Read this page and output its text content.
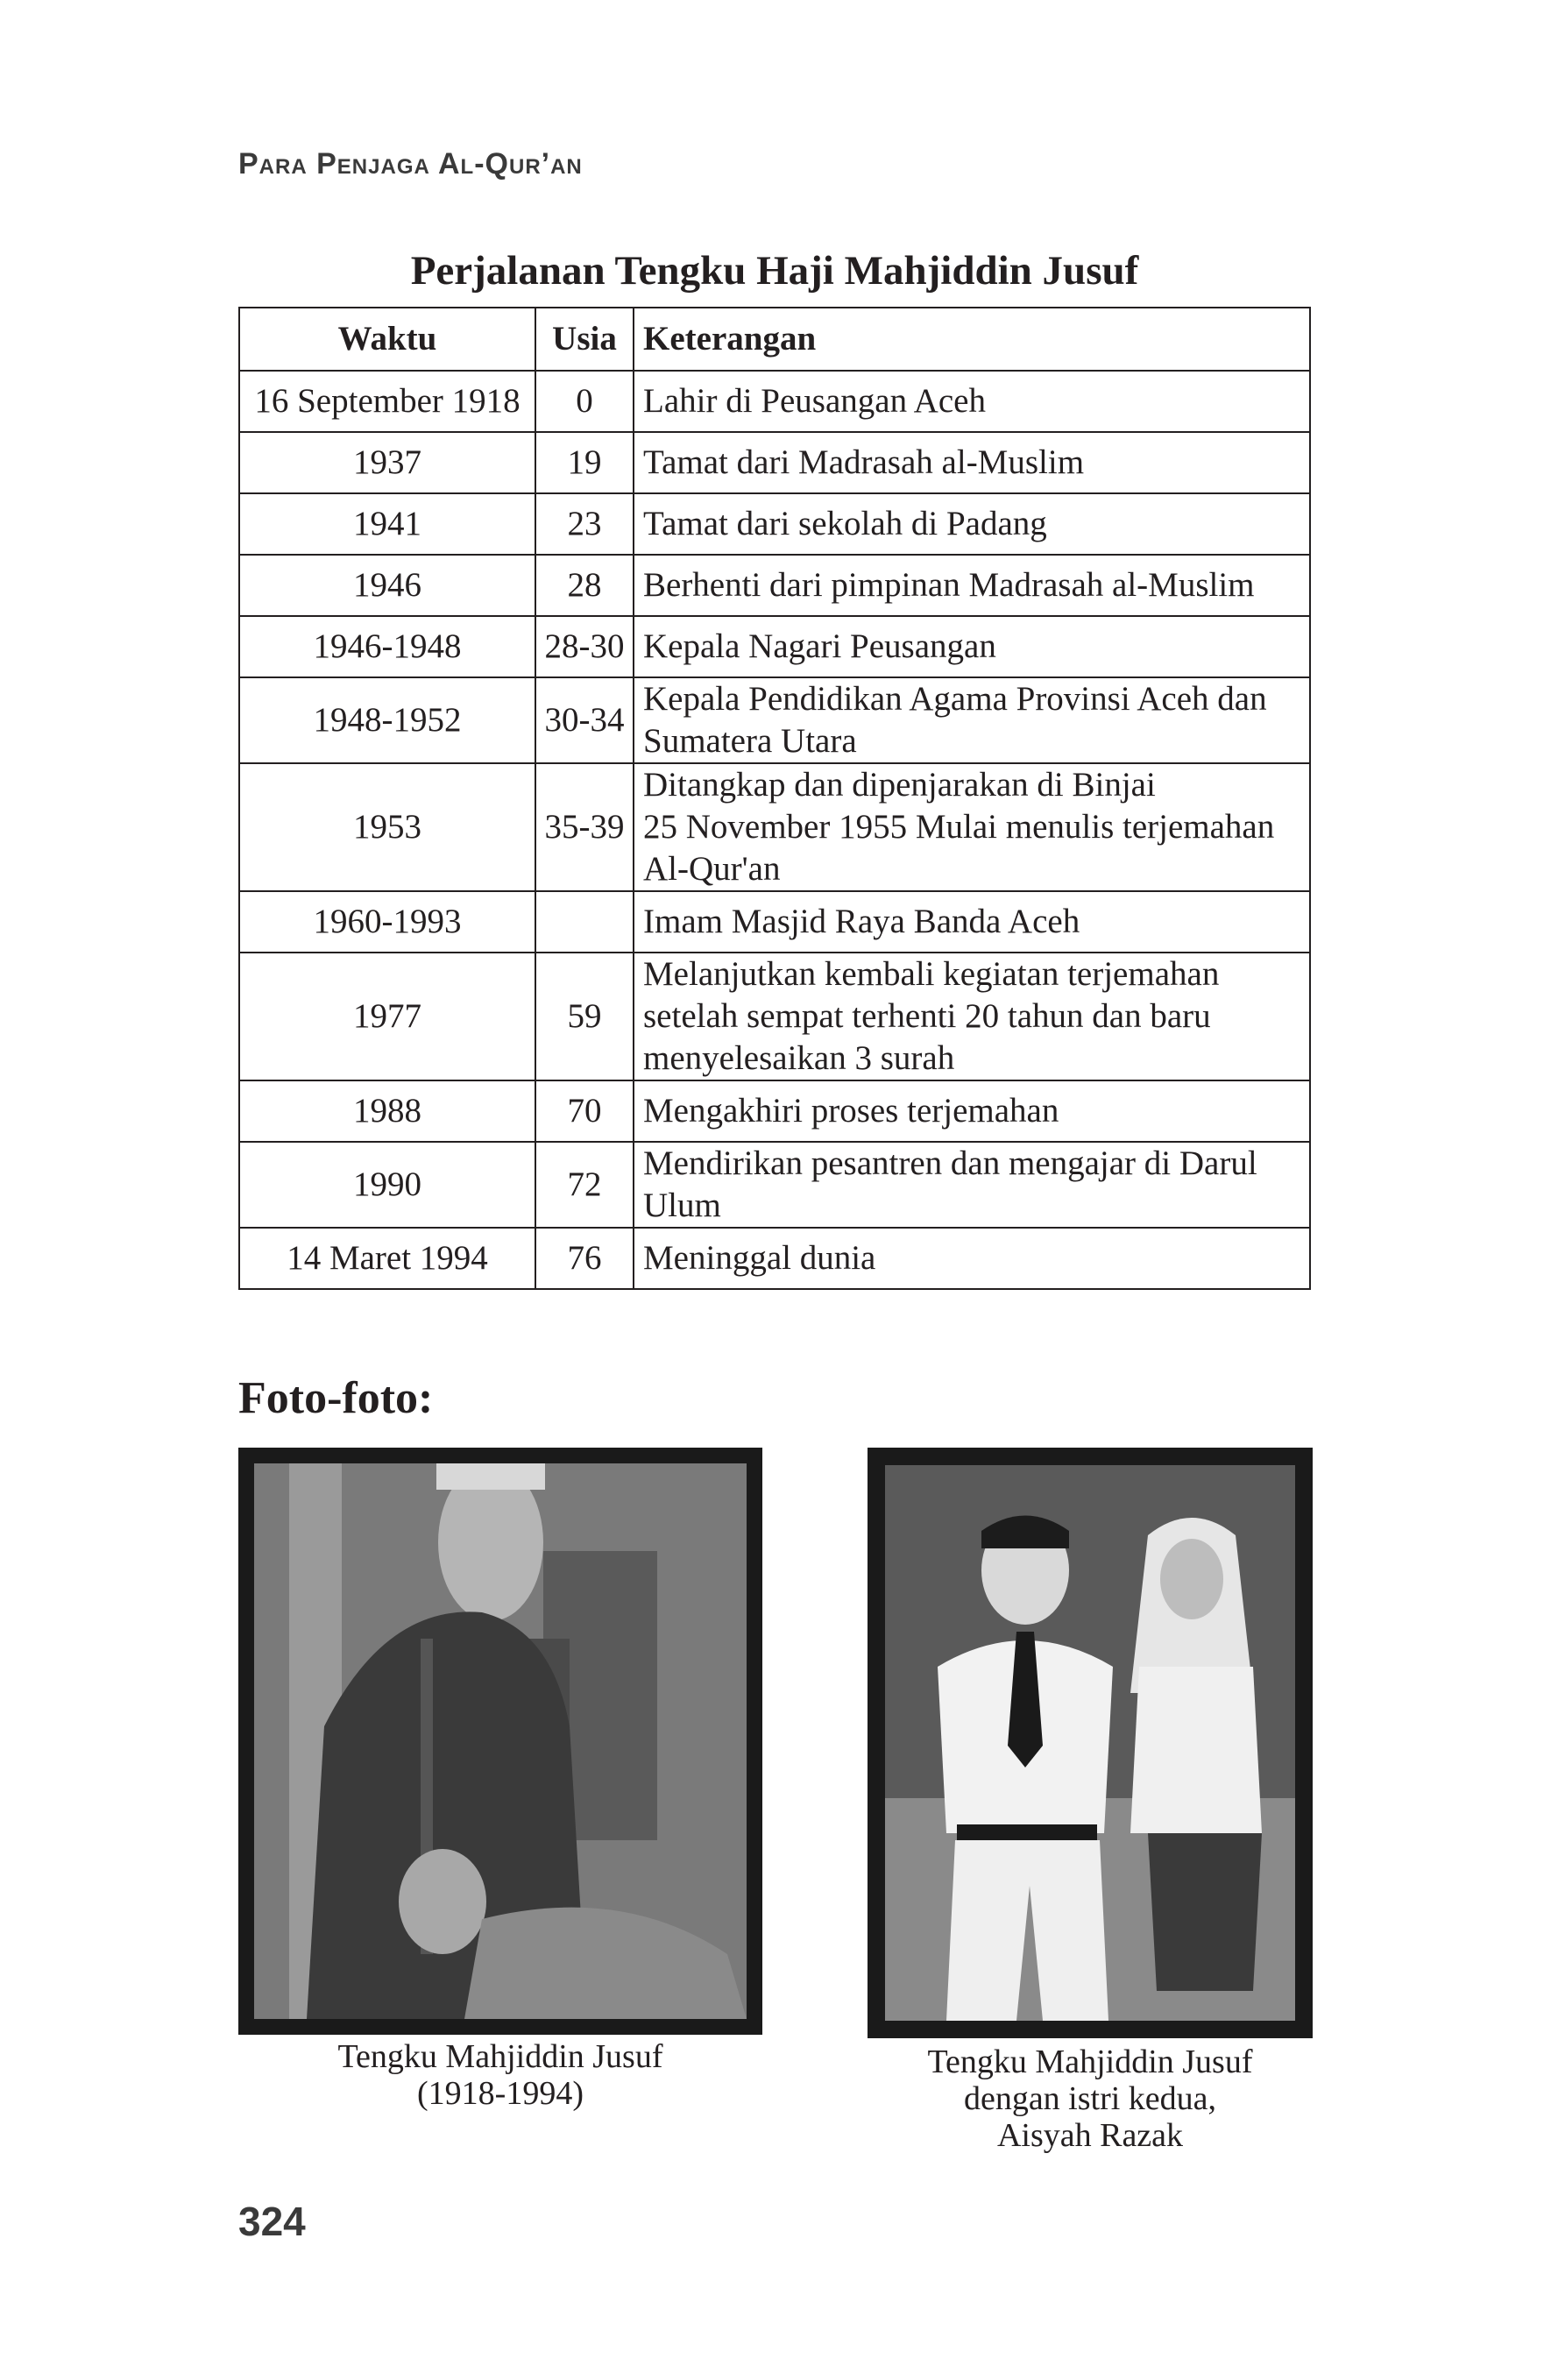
Para Penjaga Al-Qur’an
Perjalanan Tengku Haji Mahjiddin Jusuf
Waktu	Usia	Keterangan
16 September 1918	0	Lahir di Peusangan Aceh

1937	19	Tamat dari Madrasah al-Muslim

1941	23	Tamat dari sekolah di Padang

1946	28	Berhenti dari pimpinan Madrasah al-Muslim

1946-1948	28-30	Kepala Nagari Peusangan

1948-1952	30-34	Kepala Pendidikan Agama Provinsi Aceh dan
Sumatera Utara

1953	35-39	Ditangkap dan dipenjarakan di Binjai
25 November 1955 Mulai menulis terjemahan
Al-Qur'an

1960-1993		Imam Masjid Raya Banda Aceh

1977	59	Melanjutkan kembali kegiatan terjemahan
setelah sempat terhenti 20 tahun dan baru
menyelesaikan 3 surah

1988	70	Mengakhiri proses terjemahan

1990	72	Mendirikan pesantren dan mengajar di Darul
Ulum

14 Maret 1994	76	Meninggal dunia
Foto-foto:
Tengku Mahjiddin Jusuf
(1918-1994)
Tengku Mahjiddin Jusuf
dengan istri kedua,
Aisyah Razak
324
